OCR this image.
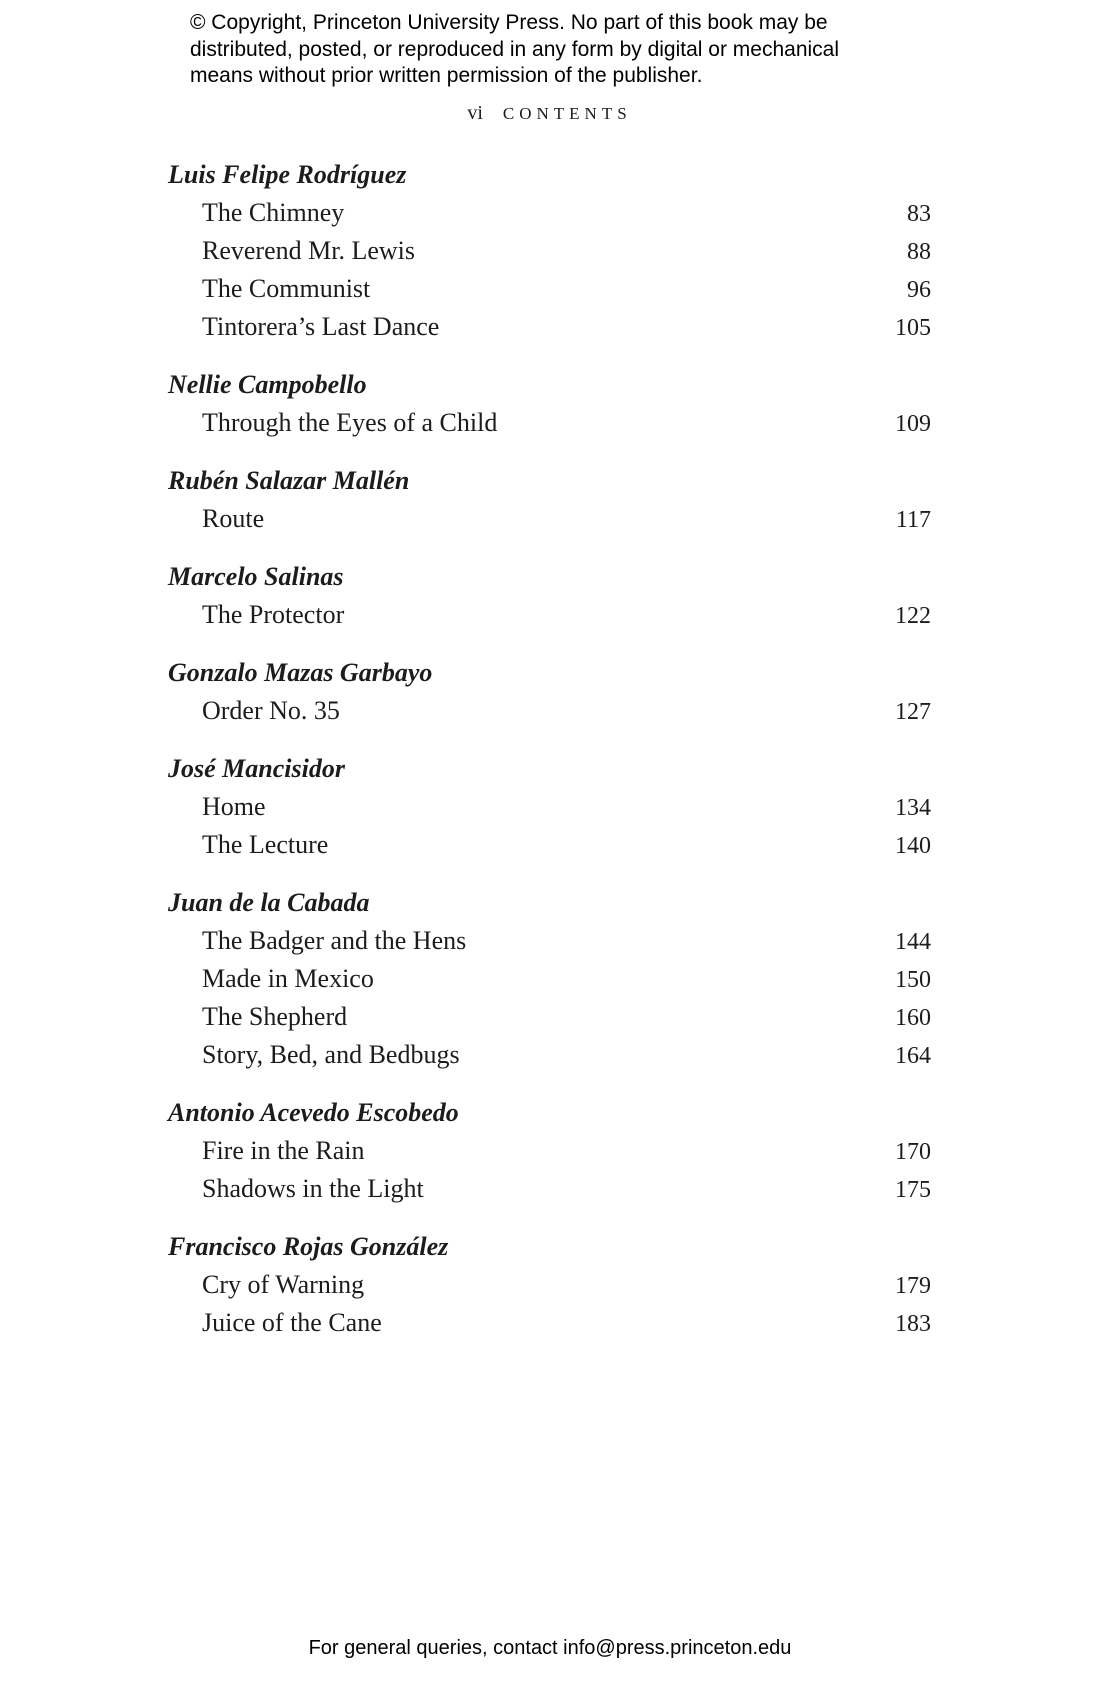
© Copyright, Princeton University Press. No part of this book may be
distributed, posted, or reproduced in any form by digital or mechanical
means without prior written permission of the publisher.
vi CONTENTS
Luis Felipe Rodríguez
The Chimney	83
Reverend Mr. Lewis	88
The Communist	96
Tintorera’s Last Dance	105
Nellie Campobello
Through the Eyes of a Child	109
Rubén Salazar Mallén
Route	117
Marcelo Salinas
The Protector	122
Gonzalo Mazas Garbayo
Order No. 35	127
José Mancisidor
Home	134
The Lecture	140
Juan de la Cabada
The Badger and the Hens	144
Made in Mexico	150
The Shepherd	160
Story, Bed, and Bedbugs	164
Antonio Acevedo Escobedo
Fire in the Rain	170
Shadows in the Light	175
Francisco Rojas González
Cry of Warning	179
Juice of the Cane	183
For general queries, contact info@press.princeton.edu
